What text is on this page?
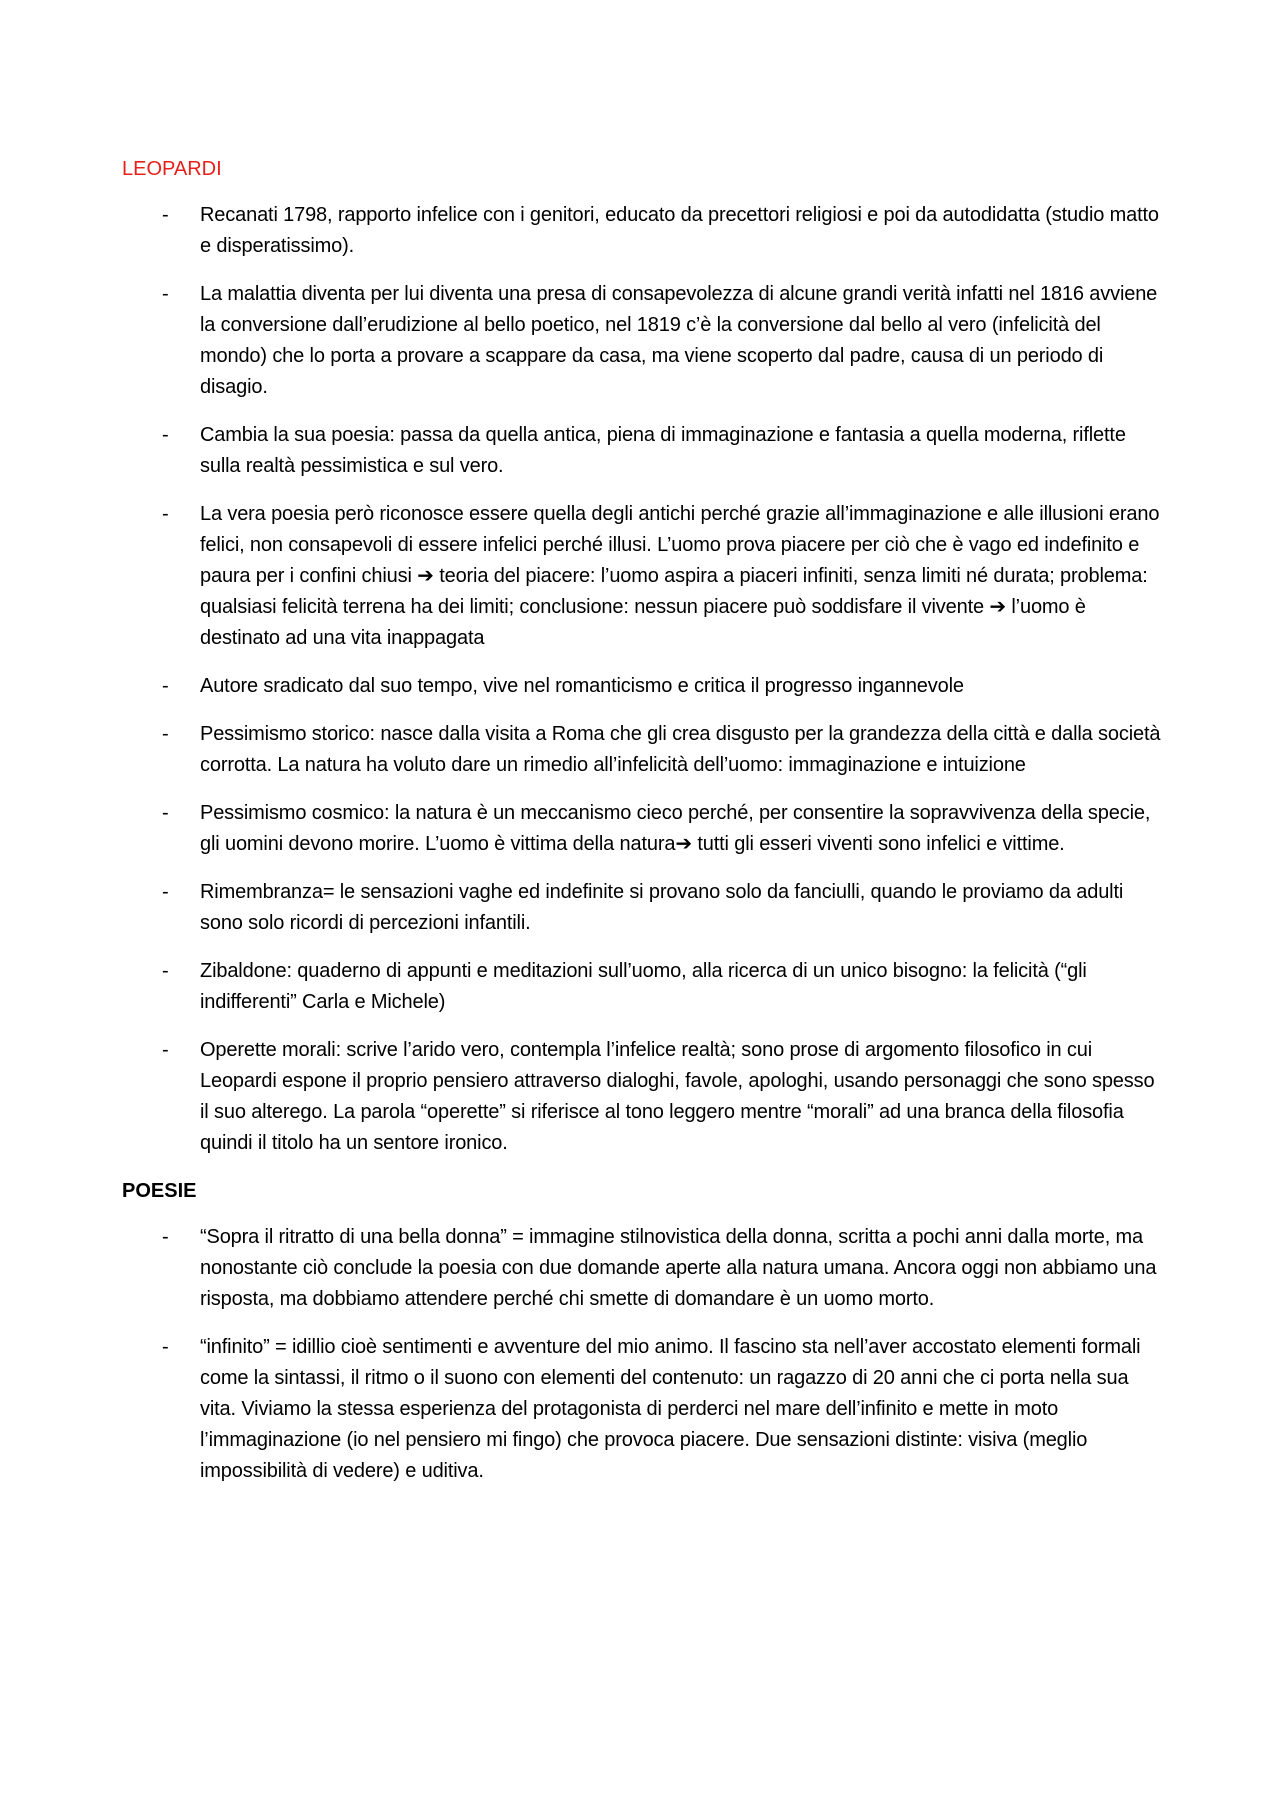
LEOPARDI
- Recanati 1798, rapporto infelice con i genitori, educato da precettori religiosi e poi da autodidatta (studio matto e disperatissimo).
- La malattia diventa per lui diventa una presa di consapevolezza di alcune grandi verità infatti nel 1816 avviene la conversione dall’erudizione al bello poetico, nel 1819 c’è la conversione dal bello al vero (infelicità del mondo) che lo porta a provare a scappare da casa, ma viene scoperto dal padre, causa di un periodo di disagio.
- Cambia la sua poesia: passa da quella antica, piena di immaginazione e fantasia a quella moderna, riflette sulla realtà pessimistica e sul vero.
- La vera poesia però riconosce essere quella degli antichi perché grazie all’immaginazione e alle illusioni erano felici, non consapevoli di essere infelici perché illusi. L’uomo prova piacere per ciò che è vago ed indefinito e paura per i confini chiusi ➔ teoria del piacere: l’uomo aspira a piaceri infiniti, senza limiti né durata; problema: qualsiasi felicità terrena ha dei limiti; conclusione: nessun piacere può soddisfare il vivente ➔ l’uomo è destinato ad una vita inappagata
- Autore sradicato dal suo tempo, vive nel romanticismo e critica il progresso ingannevole
- Pessimismo storico: nasce dalla visita a Roma che gli crea disgusto per la grandezza della città e dalla società corrotta. La natura ha voluto dare un rimedio all’infelicità dell’uomo: immaginazione e intuizione
- Pessimismo cosmico: la natura è un meccanismo cieco perché, per consentire la sopravvivenza della specie, gli uomini devono morire. L’uomo è vittima della natura➔ tutti gli esseri viventi sono infelici e vittime.
- Rimembranza= le sensazioni vaghe ed indefinite si provano solo da fanciulli, quando le proviamo da adulti sono solo ricordi di percezioni infantili.
- Zibaldone: quaderno di appunti e meditazioni sull’uomo, alla ricerca di un unico bisogno: la felicità (“gli indifferenti” Carla e Michele)
- Operette morali: scrive l’arido vero, contempla l’infelice realtà; sono prose di argomento filosofico in cui Leopardi espone il proprio pensiero attraverso dialoghi, favole, apologhi, usando personaggi che sono spesso il suo alterego. La parola “operette” si riferisce al tono leggero mentre “morali” ad una branca della filosofia quindi il titolo ha un sentore ironico.
POESIE
- “Sopra il ritratto di una bella donna” = immagine stilnovistica della donna, scritta a pochi anni dalla morte, ma nonostante ciò conclude la poesia con due domande aperte alla natura umana. Ancora oggi non abbiamo una risposta, ma dobbiamo attendere perché chi smette di domandare è un uomo morto.
- “infinito” = idillio cioè sentimenti e avventure del mio animo. Il fascino sta nell’aver accostato elementi formali come la sintassi, il ritmo o il suono con elementi del contenuto: un ragazzo di 20 anni che ci porta nella sua vita. Viviamo la stessa esperienza del protagonista di perderci nel mare dell’infinito e mette in moto l’immaginazione (io nel pensiero mi fingo) che provoca piacere. Due sensazioni distinte: visiva (meglio impossibilità di vedere) e uditiva.
